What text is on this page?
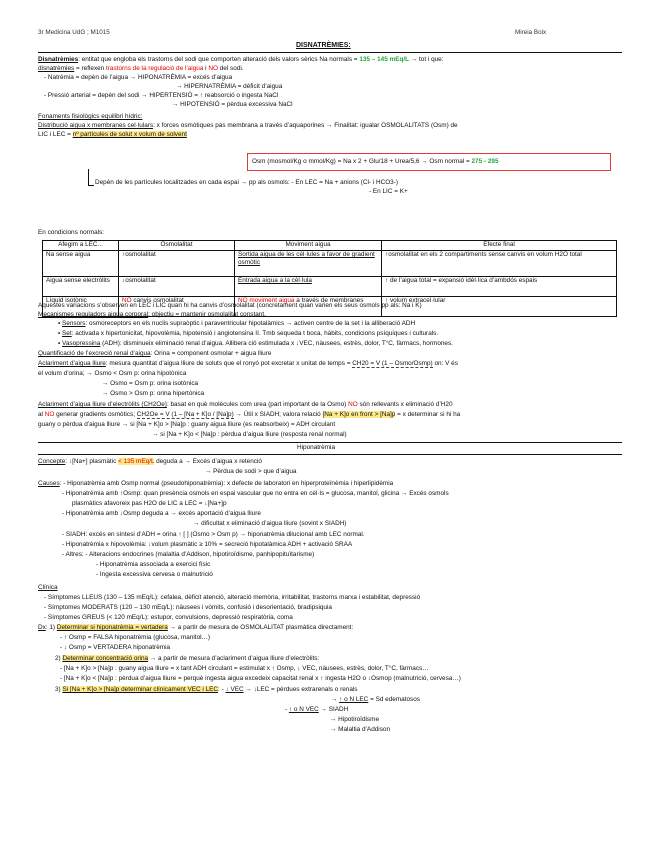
3r Medicina UdG ; M1015	Mireia Boix
DISNATRÈMIES:
Disnatrèmies: entitat que engloba els trastorns del sodi que comporten alteració dels valors sèrics Na normals = 135 – 145 mEq/L → tot i que:
disnatrèmies = reflexen trastorns de la regulació de l’aigua i NO del sodi.
- Natrèmia = depèn de l’aigua → HIPONATRÈMIA = excés d’aigua
→ HIPERNATRÈMIA = dèficit d’aigua
- Pressió arterial = depèn del sodi → HIPERTENSIÓ = ↑ reabsorció o ingesta NaCl
→ HIPOTENSIÓ = pèrdua excessiva NaCl
Fonaments fisiològics equilibri hídric:
Distribució aigua x membranes cel·lulars: x forces osmòtiques pas membrana a través d’aquaporines → Finalitat: igualar OSMOLALITATS (Osm) de
LIC i LEC = nº partícules de solut x volum de solvent
Osm (mosmol/Kg o mmol/Kg) = Na x 2 + Glu/18 + Urea/5,6 → Osm normal = 275 - 295
Depèn de les partícules localitzades en cada espai → pp als osmols: - En LEC = Na + anions (Cl- i HCO3-)
- En LIC = K+
En condicions normals:
Afegim a LEC...	Osmolalitat	Moviment aigua	Efecte final
Na sense aigua	↑osmolalitat	Sortida aigua de les cèl·lules a favor de gradient osmòtic	↑osmolalitat en els 2 compartiments sense canvis en volum H2O total
Aigua sense electròlits	↓osmolalitat	Entrada aigua a la cèl·lula	↑ de l’aigua total = expansió idèl·lica d’ambdós espais
Líquid isotònic	NO canvis osmolalitat	NO moviment aigua a través de membranes	↑ volum extracel·lular
Aquestes variacions s’observen en LEC i LIC quan hi ha canvis d’osmolalitat (concretament quan varien els seus osmols pp als: Na i K)
Mecanismes reguladors aigua corporal: objectiu = mantenir osmolalitat constant.
▪ Sensors: osmoreceptors en els nuclis supraòptic i paraventricular hipotalàmics → activen centre de la set i la alliberació ADH
▪ Set: activada x hipertonicitat, hipovolèmia, hipotensió i angiotensina II. Tmb sequeda t boca, hàbits, condicions psíquiques i culturals.
▪ Vasopressina (ADH): disminueix eliminació renal d’aigua. Allibera ció estimulada x ↓VEC, nàusees, estrès, dolor, T°C, fàrmacs, hormones.
Quantificació de l’excreció renal d’aigua: Orina = component osmolar + aigua lliure
Aclariment d’aigua lliure: mesura quantitat d’aigua lliure de soluts que el ronyó pot excretar x unitat de temps = CH20 = V (1 – Osmo/Osmp) on: V és
el volum d’orina; → Osmo < Osm p: orina hipotònica
→ Osmo = Osm p: orina isotònica
→ Osmo > Osm p: orina hipertònica
Aclariment d’aigua lliure d’electròlits (CH2Oe): basat en què molècules com urea (part important de la Osmo) NO són rellevants x eliminació d’H20
al NO generar gradients osmòtics; CH2Oe = V (1 – [Na + K]o / [Na]p) → Útil x SIADH; valora relació [Na + K]o en front > [Na]p = x determinar si hi ha
guany o pèrdua d’aigua lliure → si [Na + K]o > [Na]p : guany aigua lliure (es reabsorbeix) = ADH circulant
→ si [Na + K]o < [Na]p : pèrdua d’aigua lliure (resposta renal normal)
Hiponatrèmia
Concepte: ↓[Na+] plasmàtic < 135 mEq/L deguda a → Excés d’aigua x retenció
→ Pèrdua de sodi > que d’aigua
Causes: - Hiponatrèmia amb Osmp normal (pseudohiponatrèmia): x defecte de laboratori en hiperproteïnèmia i hiperlipidèmia
- Hiponatrèmia amb ↑Osmp: quan presència osmols en espai vascular que no entra en cèl·ls = glucosa, manitol, glicina → Excés osmols
plasmàtics afavoreix pas H2O de LIC a LEC = ↓[Na+]p
- Hiponatrèmia amb ↓Osmp deguda a → excés aportació d’aigua lliure
→ dificultat x eliminació d’aigua lliure (sovint x SIADH)
- SIADH: excés en síntesi d’ADH = orina ↑ [ ] (Osmo > Osm p) → hiponatrèmia dilucional amb LEC normal.
- Hiponatrèmia x hipovolèmia: ↓volum plasmàtic ≥ 10% = secreció hipotalàmica ADH + activació SRAA
- Altres: - Alteracions endocrines (malaltia d’Addison, hipotiroïdisme, panhipopituïtarisme)
- Hiponatrèmia associada a exercici físic
- Ingesta excessiva cervesa o malnutrició
Clínica
- Símptomes LLEUS (130 – 135 mEq/L): cefalea, dèficit atenció, alteració memòria, irritabilitat, trastorns marxa i estabilitat, depressió
- Símptomes MODERATS (120 – 130 mEq/L): nàusees i vòmits, confusió i desorientació, bradipsiquia
- Símptomes GREUS (< 120 mEq/L): estupor, convulsions, depressió respiratòria, coma
Dx: 1) Determinar si hiponatrèmia = vertadera → a partir de mesura de OSMOLALITAT plasmàtica directament:
- ↑ Osmp = FALSA hiponatrèmia (glucosa, manitol…)
- ↓ Osmp = VERTADERA hiponatrèmia
2) Determinar concentració orina → a partir de mesura d’aclariment d’aigua lliure d’electròlits:
- [Na + K]o > [Na]p : guany aigua lliure = x tant ADH circulant = estimulat x ↑ Osmp, ↓ VEC, nàusees, estrès, dolor, T°C, fàrmacs…
- [Na + K]o < [Na]p : pèrdua d’aigua lliure = perquè ingesta aigua excedeix capacitat renal x ↑ ingesta H2O o ↓Osmop (malnutrició, cervesa…)
3) Si [Na + K]o > [Na]p determinar clínicament VEC i LEC: - ↓ VEC → ↓LEC = pèrdues extrarenals o renals
→ ↑ o N LEC = Sd edematosos
- ↑ o N VEC → SIADH
→ Hipotiroïdisme
→ Malaltia d’Addison
